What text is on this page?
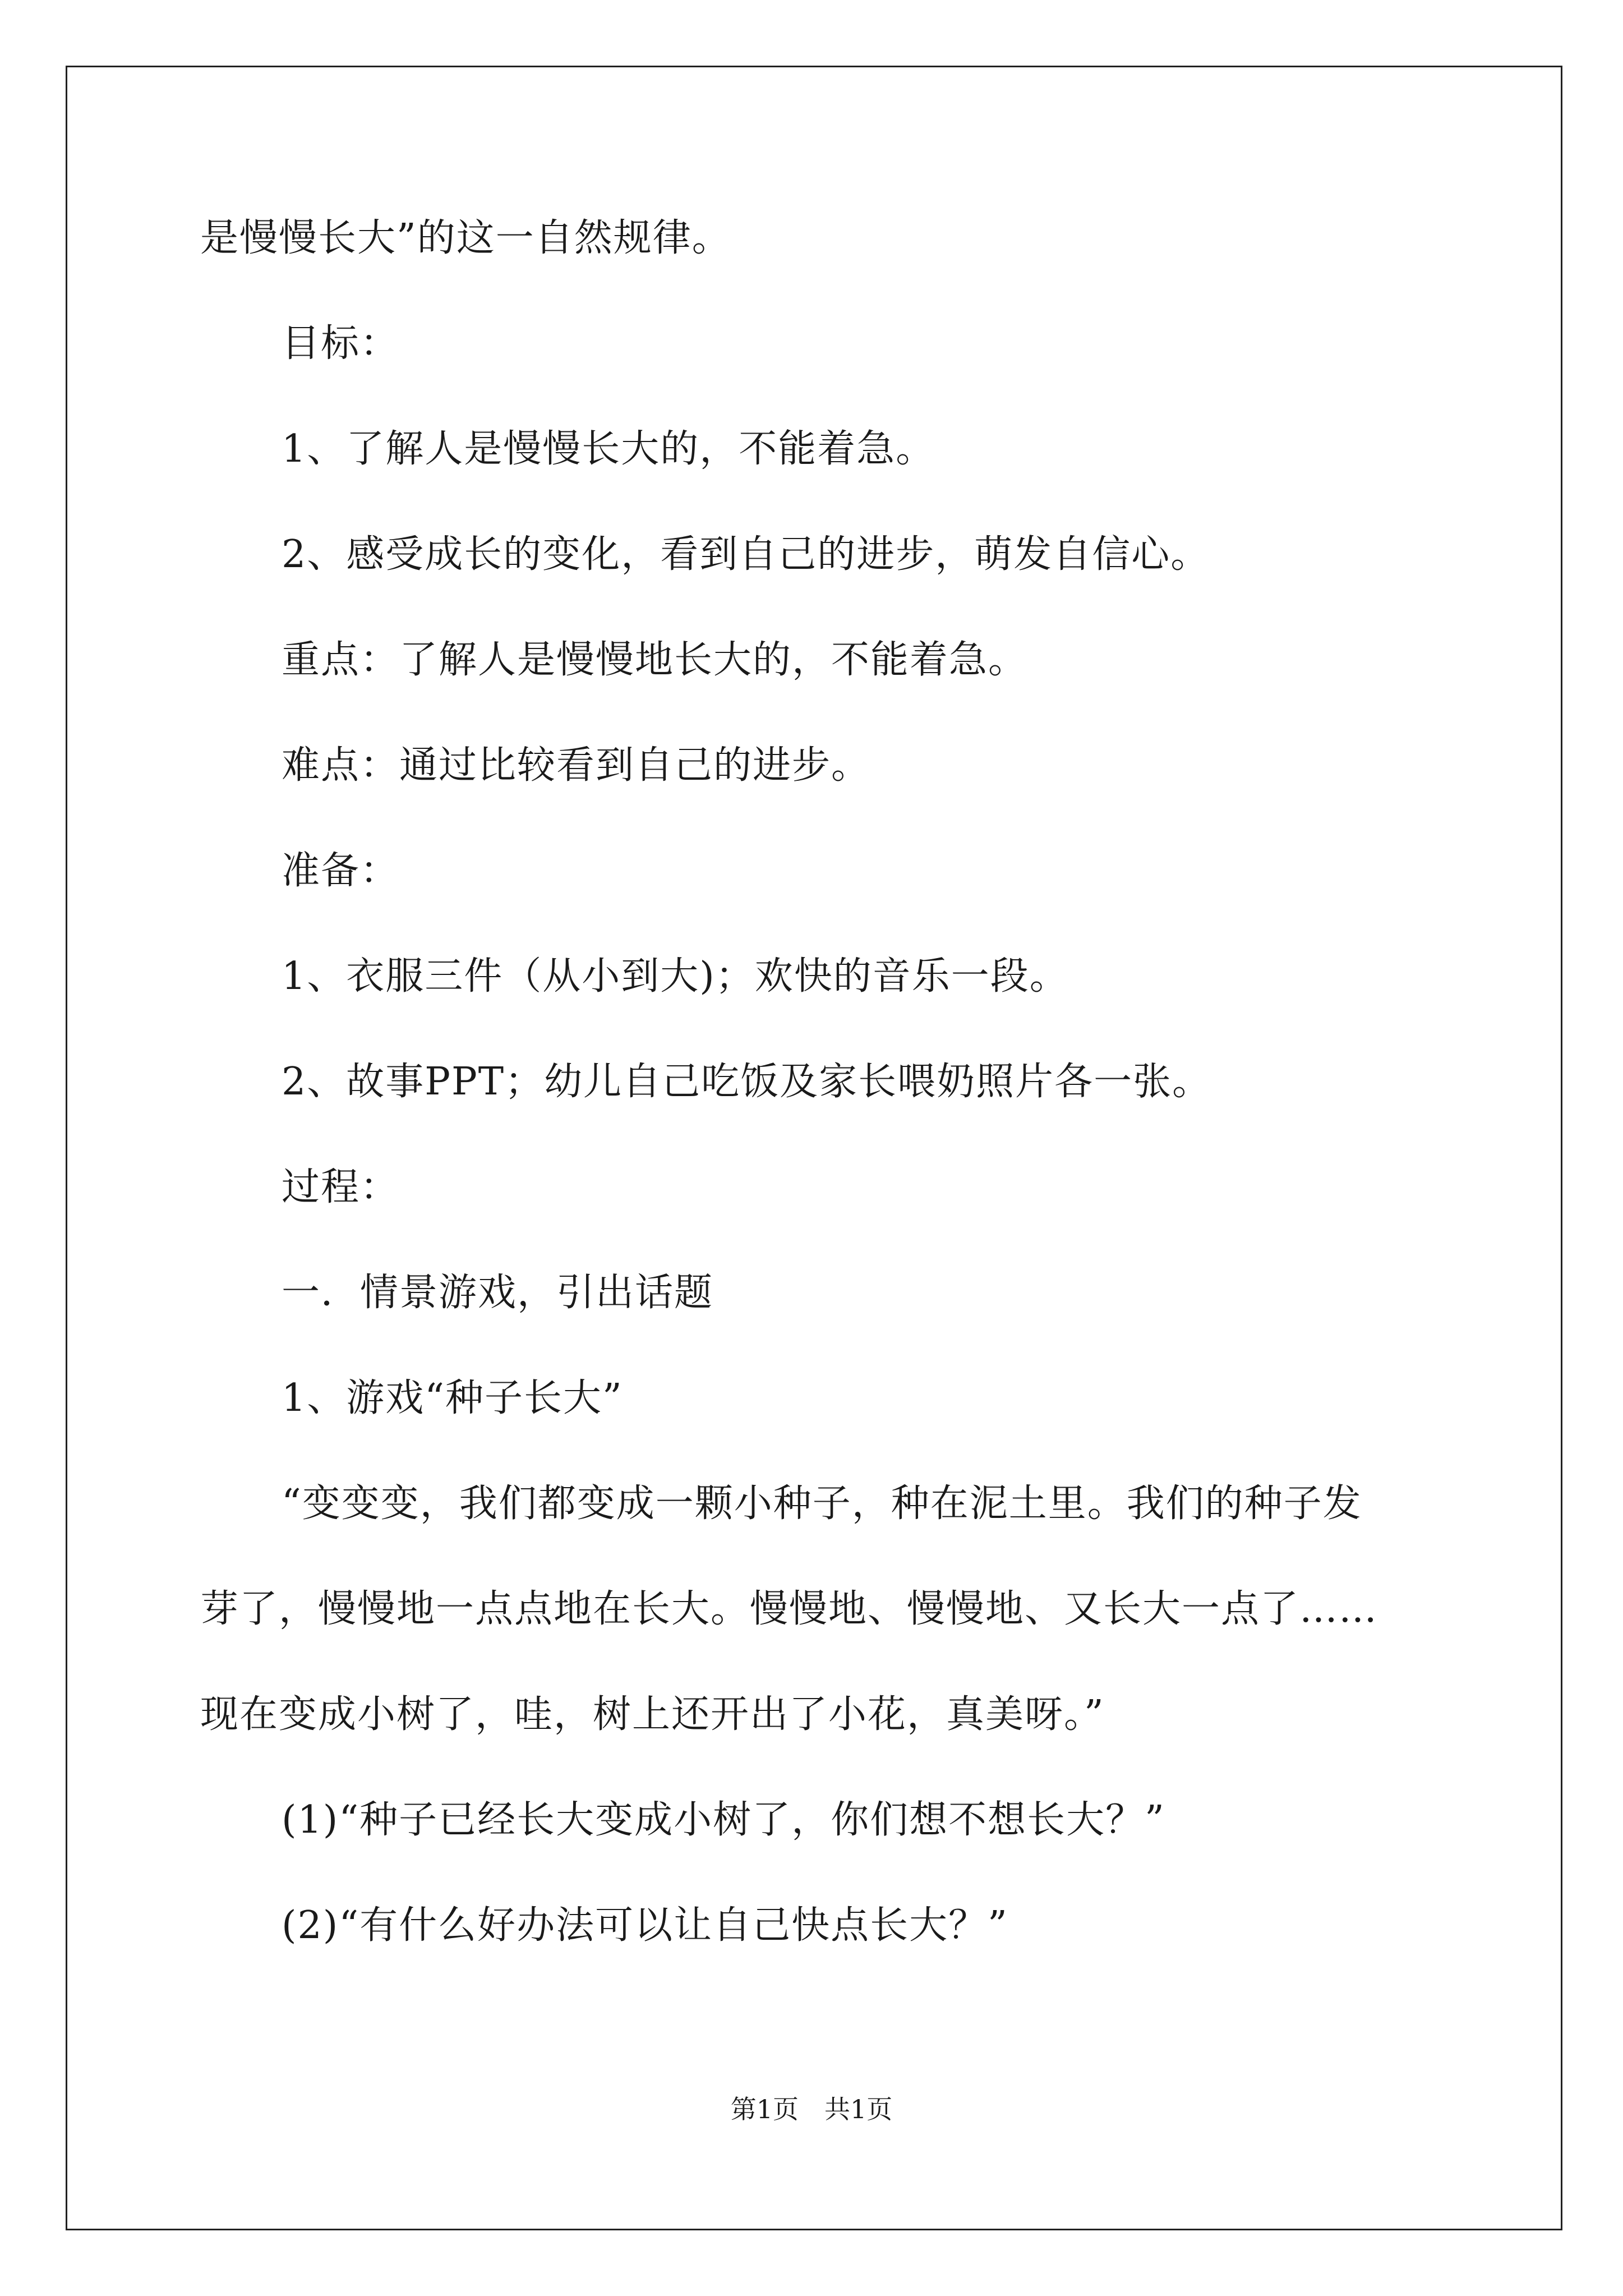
是慢慢长大”的这一自然规律。
目标：
1、了解人是慢慢长大的，不能着急。
2、感受成长的变化，看到自己的进步，萌发自信心。
重点：了解人是慢慢地长大的，不能着急。
难点：通过比较看到自己的进步。
准备：
1、衣服三件（从小到大)；欢快的音乐一段。
2、故事PPT；幼儿自己吃饭及家长喂奶照片各一张。
过程：
一．情景游戏，引出话题
1、游戏“种子长大”
“变变变，我们都变成一颗小种子，种在泥土里。我们的种子发
芽了，慢慢地一点点地在长大。慢慢地、慢慢地、又长大一点了……
现在变成小树了，哇，树上还开出了小花，真美呀。”
(1)“种子已经长大变成小树了，你们想不想长大？”
(2)“有什么好办法可以让自己快点长大？”
第1页　共1页
